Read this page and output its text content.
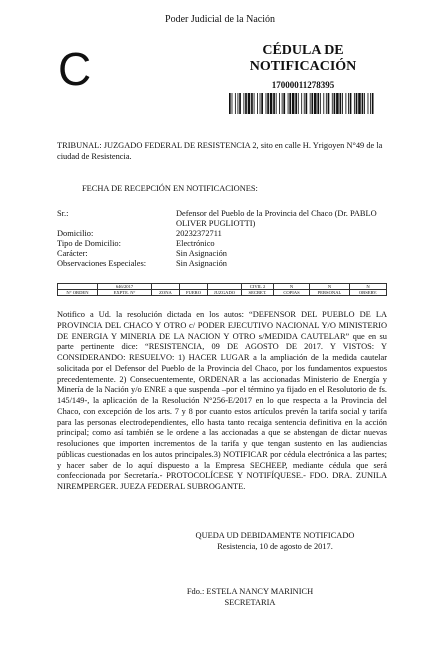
Poder Judicial de la Nación
C	CÉDULA DE
NOTIFICACIÓN
17000011278395
TRIBUNAL: JUZGADO FEDERAL DE RESISTENCIA 2, sito en calle H. Yrigoyen N°49 de la ciudad de Resistencia.
FECHA DE RECEPCIÓN EN NOTIFICACIONES:
Sr.:	Defensor del Pueblo de la Provincia del Chaco (Dr. PABLO OLIVER PUGLIOTTI)
Domicilio:	20232372711
Tipo de Domicilio:	Electrónico
Carácter:	Sin Asignación
Observaciones Especiales:	Sin Asignación
	646/2017				CIVIL 2	N	N	N
N° ORDEN	EXPTE. N°	ZONA	FUERO	JUZGADO	SECRET.	COPIAS	PERSONAL	OBSERV.
Notifico a Ud. la resolución dictada en los autos: “DEFENSOR DEL PUEBLO DE LA PROVINCIA DEL CHACO Y OTRO c/ PODER EJECUTIVO NACIONAL Y/O MINISTERIO DE ENERGIA Y MINERIA DE LA NACION Y OTRO s/MEDIDA CAUTELAR” que en su parte pertinente dice: “RESISTENCIA, 09 DE AGOSTO DE 2017. Y VISTOS: Y CONSIDERANDO: RESUELVO: 1) HACER LUGAR a la ampliación de la medida cautelar solicitada por el Defensor del Pueblo de la Provincia del Chaco, por los fundamentos expuestos precedentemente. 2) Consecuentemente, ORDENAR a las accionadas Ministerio de Energía y Minería de la Nación y/o ENRE a que suspenda –por el término ya fijado en el Resolutorio de fs. 145/149-, la aplicación de la Resolución N°256-E/2017 en lo que respecta a la Provincia del Chaco, con excepción de los arts. 7 y 8 por cuanto estos artículos prevén la tarifa social y tarifa para las personas electrodependientes, ello hasta tanto recaiga sentencia definitiva en la acción principal; como así también se le ordene a las accionadas a que se abstengan de dictar nuevas resoluciones que importen incrementos de la tarifa y que tengan sustento en las audiencias públicas cuestionadas en los autos principales.3) NOTIFICAR por cédula electrónica a las partes; y hacer saber de lo aquí dispuesto a la Empresa SECHEEP, mediante cédula que será confeccionada por Secretaría.- PROTOCOLÍCESE Y NOTIFÍQUESE.- FDO. DRA. ZUNILA NIREMPERGER. JUEZA FEDERAL SUBROGANTE.
QUEDA UD DEBIDAMENTE NOTIFICADO
Resistencia, 10 de agosto de 2017.
Fdo.: ESTELA NANCY MARINICH
SECRETARIA
